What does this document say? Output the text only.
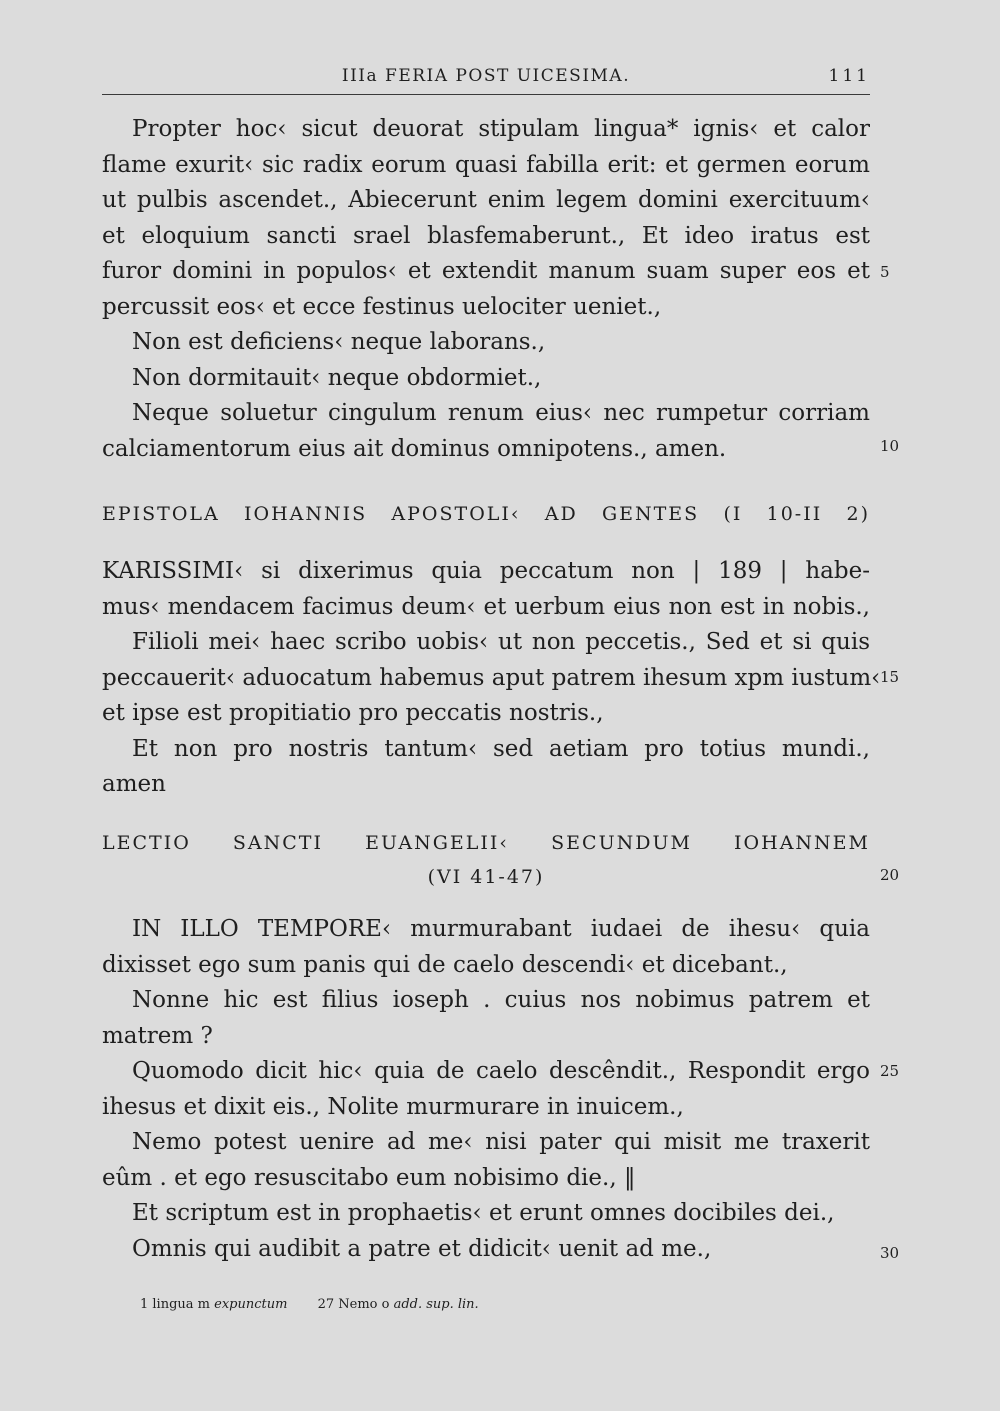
IIIa FERIA POST UICESIMA.	111
Propter hoc‹ sicut deuorat stipulam lingua* ignis‹ et calor
flame exurit‹ sic radix eorum quasi fabilla erit: et germen eorum
ut pulbis ascendet., Abiecerunt enim legem domini exercituum‹
et eloquium sancti srael blasfemaberunt., Et ideo iratus est
furor domini in populos‹ et extendit manum suam super eos et
percussit eos‹ et ecce festinus uelociter ueniet.,
Non est deficiens‹ neque laborans.,
Non dormitauit‹ neque obdormiet.,
Neque soluetur cingulum renum eius‹ nec rumpetur corriam
calciamentorum eius ait dominus omnipotens., amen.
EPISTOLA IOHANNIS APOSTOLI‹ AD GENTES (I 10-II 2)
KARISSIMI‹ si dixerimus quia peccatum non | 189 | habe-
mus‹ mendacem facimus deum‹ et uerbum eius non est in nobis.,
Filioli mei‹ haec scribo uobis‹ ut non peccetis., Sed et si quis
peccauerit‹ aduocatum habemus aput patrem ihesum xpm iustum‹
et ipse est propitiatio pro peccatis nostris.,
Et non pro nostris tantum‹ sed aetiam pro totius mundi.,
amen
LECTIO SANCTI EUANGELII‹ SECUNDUM IOHANNEM
(VI 41-47)
IN ILLO TEMPORE‹ murmurabant iudaei de ihesu‹ quia
dixisset ego sum panis qui de caelo descendi‹ et dicebant.,
Nonne hic est filius ioseph . cuius nos nobimus patrem et
matrem ?
Quomodo dicit hic‹ quia de caelo descêndit., Respondit ergo
ihesus et dixit eis., Nolite murmurare in inuicem.,
Nemo potest uenire ad me‹ nisi pater qui misit me traxerit
eûm . et ego resuscitabo eum nobisimo die., ‖
Et scriptum est in prophaetis‹ et erunt omnes docibiles dei.,
Omnis qui audibit a patre et didicit‹ uenit ad me.,
5
10
15
20
25
30
1 lingua m expunctum 27 Nemo o add. sup. lin.
